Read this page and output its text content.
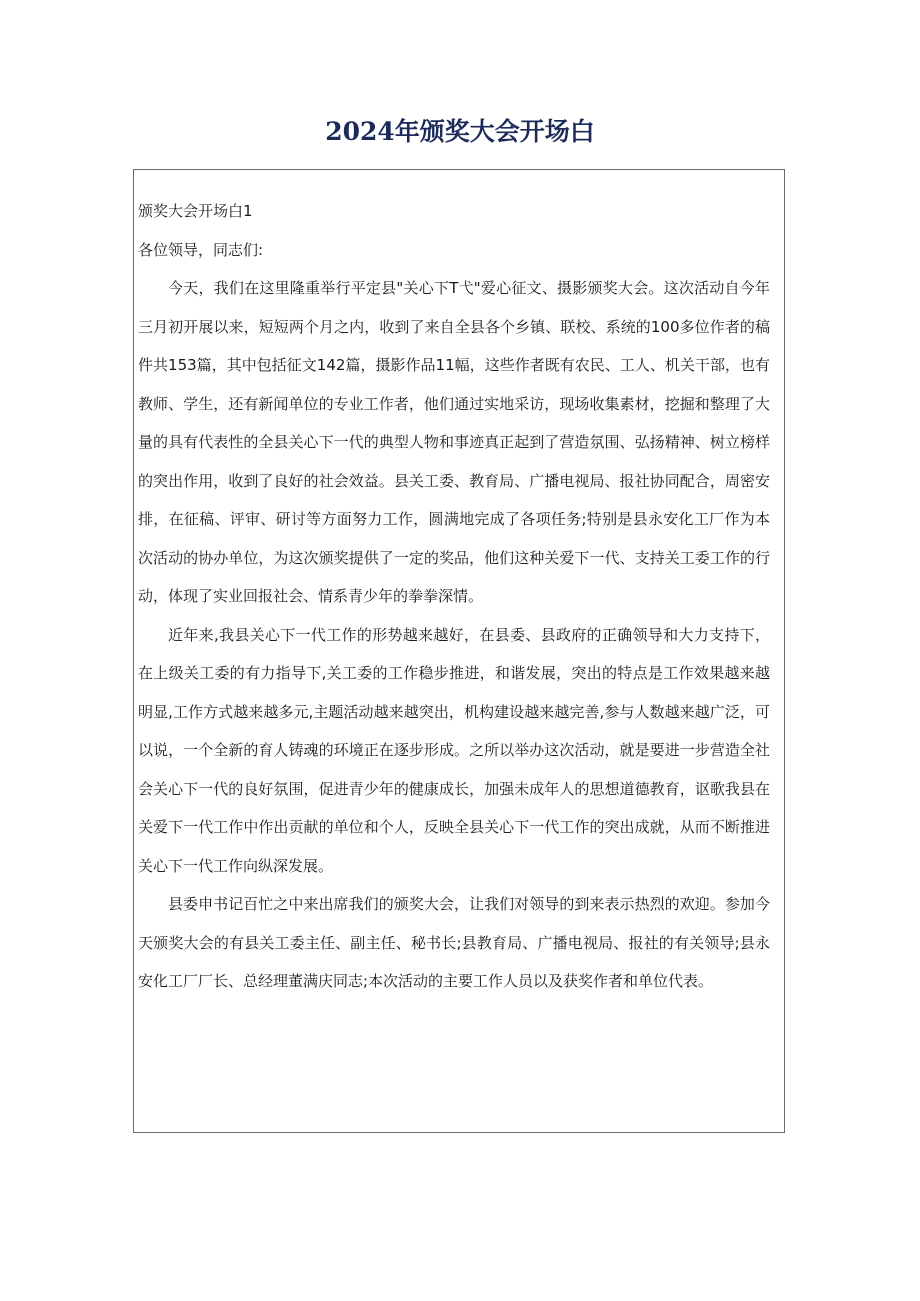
2024年颁奖大会开场白

颁奖大会开场白1

各位领导，同志们:

今天，我们在这里隆重举行平定县"关心下T弋"爱心征文、摄影颁奖大会。这次活动自今年三月初开展以来，短短两个月之内，收到了来自全县各个乡镇、联校、系统的100多位作者的稿件共153篇，其中包括征文142篇，摄影作品11幅，这些作者既有农民、工人、机关干部，也有教师、学生，还有新闻单位的专业工作者，他们通过实地采访，现场收集素材，挖掘和整理了大量的具有代表性的全县关心下一代的典型人物和事迹真正起到了营造氛围、弘扬精神、树立榜样的突出作用，收到了良好的社会效益。县关工委、教育局、广播电视局、报社协同配合，周密安排，在征稿、评审、研讨等方面努力工作，圆满地完成了各项任务;特别是县永安化工厂作为本次活动的协办单位，为这次颁奖提供了一定的奖品，他们这种关爱下一代、支持关工委工作的行动，体现了实业回报社会、情系青少年的拳拳深情。

近年来,我县关心下一代工作的形势越来越好，在县委、县政府的正确领导和大力支持下，在上级关工委的有力指导下,关工委的工作稳步推进，和谐发展，突出的特点是工作效果越来越明显,工作方式越来越多元,主题活动越来越突出，机构建设越来越完善,参与人数越来越广泛，可以说，一个全新的育人铸魂的环境正在逐步形成。之所以举办这次活动，就是要进一步营造全社会关心下一代的良好氛围，促进青少年的健康成长，加强未成年人的思想道德教育，讴歌我县在关爱下一代工作中作出贡献的单位和个人，反映全县关心下一代工作的突出成就，从而不断推进关心下一代工作向纵深发展。

县委申书记百忙之中来出席我们的颁奖大会，让我们对领导的到来表示热烈的欢迎。参加今天颁奖大会的有县关工委主任、副主任、秘书长;县教育局、广播电视局、报社的有关领导;县永安化工厂厂长、总经理董满庆同志;本次活动的主要工作人员以及获奖作者和单位代表。
